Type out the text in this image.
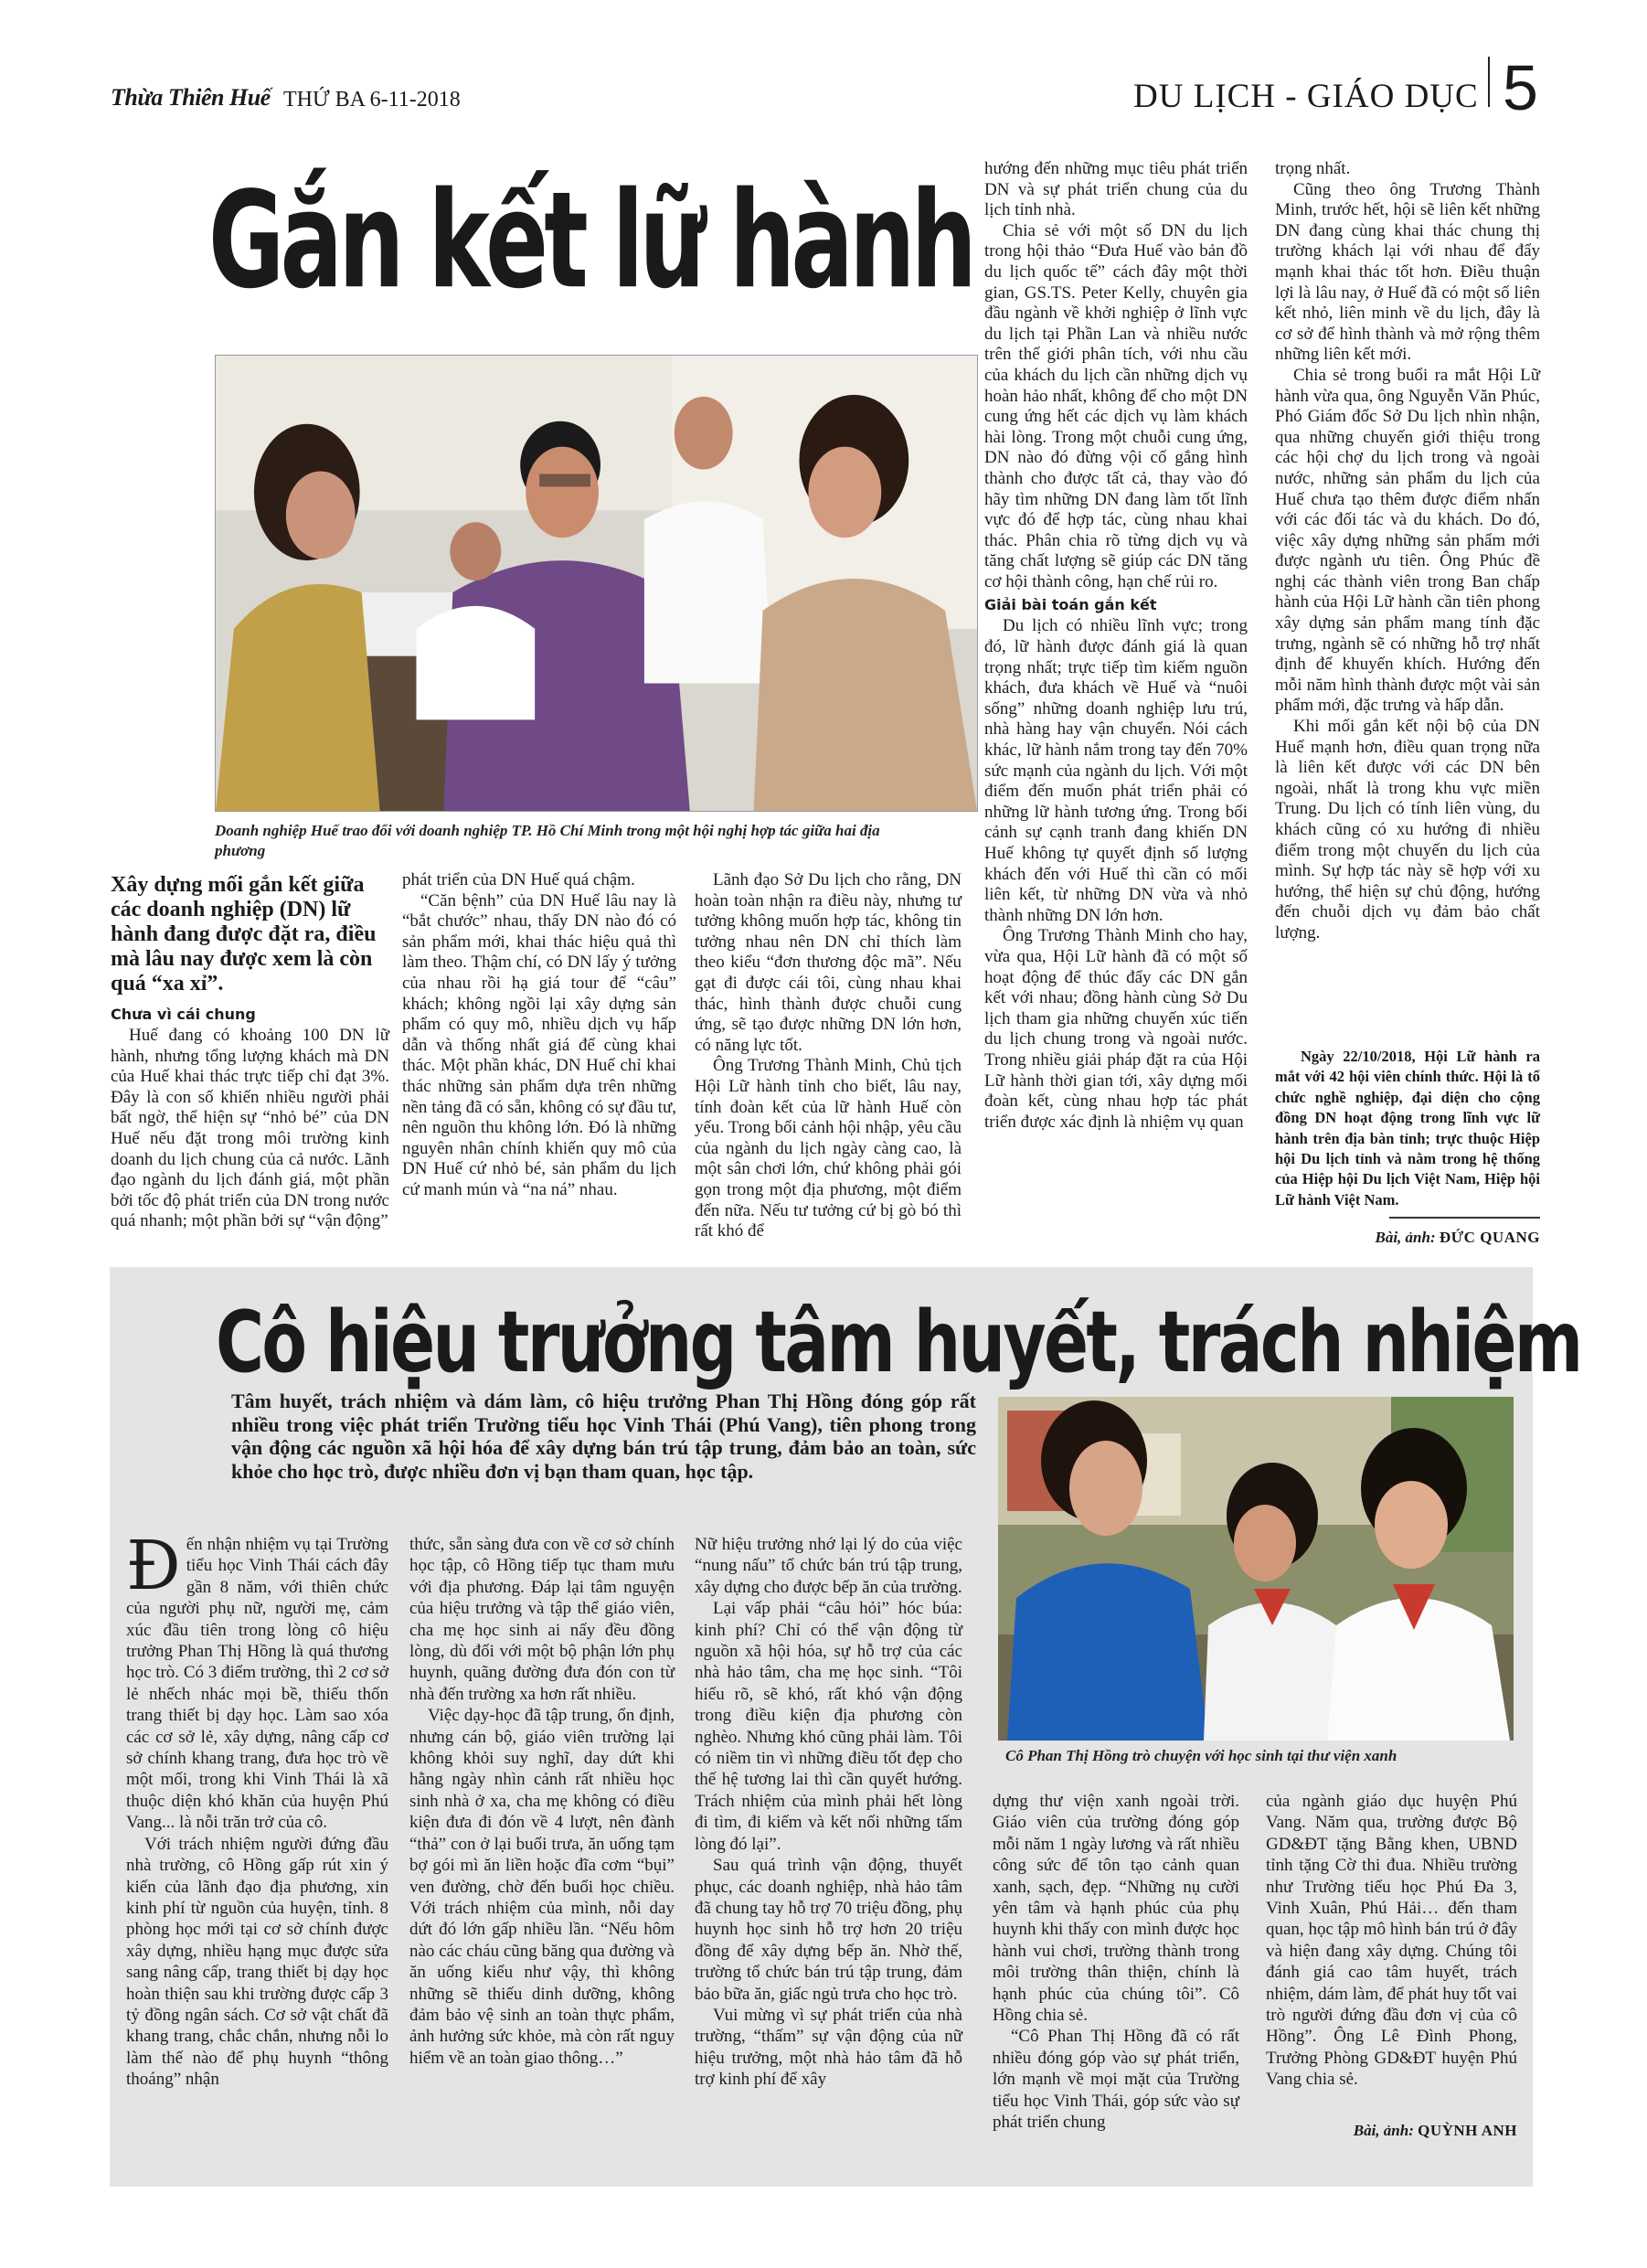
Thừa Thiên Huế THỨ BA 6-11-2018	DU LỊCH - GIÁO DỤC 5
Gắn kết lữ hành
Doanh nghiệp Huế trao đổi với doanh nghiệp TP. Hồ Chí Minh trong một hội nghị hợp tác giữa hai địa phương
Xây dựng mối gắn kết giữa các doanh nghiệp (DN) lữ hành đang được đặt ra, điều mà lâu nay được xem là còn quá “xa xỉ”.
Chưa vì cái chung

Huế đang có khoảng 100 DN lữ hành, nhưng tổng lượng khách mà DN của Huế khai thác trực tiếp chỉ đạt 3%. Đây là con số khiến nhiều người phải bất ngờ, thể hiện sự “nhỏ bé” của DN Huế nếu đặt trong môi trường kinh doanh du lịch chung của cả nước. Lãnh đạo ngành du lịch đánh giá, một phần bởi tốc độ phát triển của DN trong nước quá nhanh; một phần bởi sự “vận động”

phát triển của DN Huế quá chậm.

“Căn bệnh” của DN Huế lâu nay là “bắt chước” nhau, thấy DN nào đó có sản phẩm mới, khai thác hiệu quả thì làm theo. Thậm chí, có DN lấy ý tưởng của nhau rồi hạ giá tour để “câu” khách; không ngồi lại xây dựng sản phẩm có quy mô, nhiều dịch vụ hấp dẫn và thống nhất giá để cùng khai thác. Một phần khác, DN Huế chỉ khai thác những sản phẩm dựa trên những nền tảng đã có sẵn, không có sự đầu tư, nên nguồn thu không lớn. Đó là những nguyên nhân chính khiến quy mô của DN Huế cứ nhỏ bé, sản phẩm du lịch cứ manh mún và “na ná” nhau.

Lãnh đạo Sở Du lịch cho rằng, DN hoàn toàn nhận ra điều này, nhưng tư tưởng không muốn hợp tác, không tin tưởng nhau nên DN chỉ thích làm theo kiểu “đơn thương độc mã”. Nếu gạt đi được cái tôi, cùng nhau khai thác, hình thành được chuỗi cung ứng, sẽ tạo được những DN lớn hơn, có năng lực tốt.

Ông Trương Thành Minh, Chủ tịch Hội Lữ hành tỉnh cho biết, lâu nay, tính đoàn kết của lữ hành Huế còn yếu. Trong bối cảnh hội nhập, yêu cầu của ngành du lịch ngày càng cao, là một sân chơi lớn, chứ không phải gói gọn trong một địa phương, một điểm đến nữa. Nếu tư tưởng cứ bị gò bó thì rất khó để

hướng đến những mục tiêu phát triển DN và sự phát triển chung của du lịch tỉnh nhà.

Chia sẻ với một số DN du lịch trong hội thảo “Đưa Huế vào bản đồ du lịch quốc tế” cách đây một thời gian, GS.TS. Peter Kelly, chuyên gia đầu ngành về khởi nghiệp ở lĩnh vực du lịch tại Phần Lan và nhiều nước trên thế giới phân tích, với nhu cầu của khách du lịch cần những dịch vụ hoàn hảo nhất, không để cho một DN cung ứng hết các dịch vụ làm khách hài lòng. Trong một chuỗi cung ứng, DN nào đó đừng vội cố gắng hình thành cho được tất cả, thay vào đó hãy tìm những DN đang làm tốt lĩnh vực đó để hợp tác, cùng nhau khai thác. Phân chia rõ từng dịch vụ và tăng chất lượng sẽ giúp các DN tăng cơ hội thành công, hạn chế rủi ro.

Giải bài toán gắn kết

Du lịch có nhiều lĩnh vực; trong đó, lữ hành được đánh giá là quan trọng nhất; trực tiếp tìm kiếm nguồn khách, đưa khách về Huế và “nuôi sống” những doanh nghiệp lưu trú, nhà hàng hay vận chuyển. Nói cách khác, lữ hành nắm trong tay đến 70% sức mạnh của ngành du lịch. Với một điểm đến muốn phát triển phải có những lữ hành tương ứng. Trong bối cảnh sự cạnh tranh đang khiến DN Huế không tự quyết định số lượng khách đến với Huế thì cần có mối liên kết, từ những DN vừa và nhỏ thành những DN lớn hơn.

Ông Trương Thành Minh cho hay, vừa qua, Hội Lữ hành đã có một số hoạt động để thúc đẩy các DN gắn kết với nhau; đồng hành cùng Sở Du lịch tham gia những chuyến xúc tiến du lịch chung trong và ngoài nước. Trong nhiều giải pháp đặt ra của Hội Lữ hành thời gian tới, xây dựng mối đoàn kết, cùng nhau hợp tác phát triển được xác định là nhiệm vụ quan

trọng nhất.

Cũng theo ông Trương Thành Minh, trước hết, hội sẽ liên kết những DN đang cùng khai thác chung thị trường khách lại với nhau để đẩy mạnh khai thác tốt hơn. Điều thuận lợi là lâu nay, ở Huế đã có một số liên kết nhỏ, liên minh về du lịch, đây là cơ sở để hình thành và mở rộng thêm những liên kết mới.

Chia sẻ trong buổi ra mắt Hội Lữ hành vừa qua, ông Nguyễn Văn Phúc, Phó Giám đốc Sở Du lịch nhìn nhận, qua những chuyến giới thiệu trong các hội chợ du lịch trong và ngoài nước, những sản phẩm du lịch của Huế chưa tạo thêm được điểm nhấn với các đối tác và du khách. Do đó, việc xây dựng những sản phẩm mới được ngành ưu tiên. Ông Phúc đề nghị các thành viên trong Ban chấp hành của Hội Lữ hành cần tiên phong xây dựng sản phẩm mang tính đặc trưng, ngành sẽ có những hỗ trợ nhất định để khuyến khích. Hướng đến mỗi năm hình thành được một vài sản phẩm mới, đặc trưng và hấp dẫn.

Khi mối gắn kết nội bộ của DN Huế mạnh hơn, điều quan trọng nữa là liên kết được với các DN bên ngoài, nhất là trong khu vực miền Trung. Du lịch có tính liên vùng, du khách cũng có xu hướng đi nhiều điểm trong một chuyến du lịch của mình. Sự hợp tác này sẽ hợp với xu hướng, thể hiện sự chủ động, hướng đến chuỗi dịch vụ đảm bảo chất lượng.

Ngày 22/10/2018, Hội Lữ hành ra mắt với 42 hội viên chính thức. Hội là tổ chức nghề nghiệp, đại diện cho cộng đồng DN hoạt động trong lĩnh vực lữ hành trên địa bàn tỉnh; trực thuộc Hiệp hội Du lịch tỉnh và nằm trong hệ thống của Hiệp hội Du lịch Việt Nam, Hiệp hội Lữ hành Việt Nam.

Bài, ảnh: ĐỨC QUANG
Cô hiệu trưởng tâm huyết, trách nhiệm
Tâm huyết, trách nhiệm và dám làm, cô hiệu trưởng Phan Thị Hồng đóng góp rất nhiều trong việc phát triển Trường tiểu học Vinh Thái (Phú Vang), tiên phong trong vận động các nguồn xã hội hóa để xây dựng bán trú tập trung, đảm bảo an toàn, sức khỏe cho học trò, được nhiều đơn vị bạn tham quan, học tập.
Cô Phan Thị Hồng trò chuyện với học sinh tại thư viện xanh

Đến nhận nhiệm vụ tại Trường tiểu học Vinh Thái cách đây gần 8 năm, với thiên chức của người phụ nữ, người mẹ, cảm xúc đầu tiên trong lòng cô hiệu trưởng Phan Thị Hồng là quá thương học trò. Có 3 điểm trường, thì 2 cơ sở lẻ nhếch nhác mọi bề, thiếu thốn trang thiết bị dạy học. Làm sao xóa các cơ sở lẻ, xây dựng, nâng cấp cơ sở chính khang trang, đưa học trò về một mối, trong khi Vinh Thái là xã thuộc diện khó khăn của huyện Phú Vang... là nỗi trăn trở của cô.

Với trách nhiệm người đứng đầu nhà trường, cô Hồng gấp rút xin ý kiến của lãnh đạo địa phương, xin kinh phí từ nguồn của huyện, tỉnh. 8 phòng học mới tại cơ sở chính được xây dựng, nhiều hạng mục được sửa sang nâng cấp, trang thiết bị dạy học hoàn thiện sau khi trường được cấp 3 tỷ đồng ngân sách. Cơ sở vật chất đã khang trang, chắc chắn, nhưng nỗi lo làm thế nào để phụ huynh “thông thoáng” nhận

thức, sẵn sàng đưa con về cơ sở chính học tập, cô Hồng tiếp tục tham mưu với địa phương. Đáp lại tâm nguyện của hiệu trưởng và tập thể giáo viên, cha mẹ học sinh ai nấy đều đồng lòng, dù đối với một bộ phận lớn phụ huynh, quãng đường đưa đón con từ nhà đến trường xa hơn rất nhiều.

Việc dạy-học đã tập trung, ổn định, nhưng cán bộ, giáo viên trường lại không khỏi suy nghĩ, day dứt khi hằng ngày nhìn cảnh rất nhiều học sinh nhà ở xa, cha mẹ không có điều kiện đưa đi đón về 4 lượt, nên đành “thả” con ở lại buổi trưa, ăn uống tạm bợ gói mì ăn liền hoặc đĩa cơm “bụi” ven đường, chờ đến buổi học chiều. Với trách nhiệm của mình, nỗi day dứt đó lớn gấp nhiều lần. “Nếu hôm nào các cháu cũng băng qua đường và ăn uống kiểu như vậy, thì không những sẽ thiếu dinh dưỡng, không đảm bảo vệ sinh an toàn thực phẩm, ảnh hưởng sức khỏe, mà còn rất nguy hiểm về an toàn giao thông…”

Nữ hiệu trưởng nhớ lại lý do của việc “nung nấu” tổ chức bán trú tập trung, xây dựng cho được bếp ăn của trường.

Lại vấp phải “câu hỏi” hóc búa: kinh phí? Chỉ có thể vận động từ nguồn xã hội hóa, sự hỗ trợ của các nhà hảo tâm, cha mẹ học sinh. “Tôi hiểu rõ, sẽ khó, rất khó vận động trong điều kiện địa phương còn nghèo. Nhưng khó cũng phải làm. Tôi có niềm tin vì những điều tốt đẹp cho thế hệ tương lai thì cần quyết hướng. Trách nhiệm của mình phải hết lòng đi tìm, đi kiếm và kết nối những tấm lòng đó lại”.

Sau quá trình vận động, thuyết phục, các doanh nghiệp, nhà hảo tâm đã chung tay hỗ trợ 70 triệu đồng, phụ huynh học sinh hỗ trợ hơn 20 triệu đồng để xây dựng bếp ăn. Nhờ thế, trường tổ chức bán trú tập trung, đảm bảo bữa ăn, giấc ngủ trưa cho học trò.

Vui mừng vì sự phát triển của nhà trường, “thấm” sự vận động của nữ hiệu trưởng, một nhà hảo tâm đã hỗ trợ kinh phí để xây

dựng thư viện xanh ngoài trời. Giáo viên của trường đóng góp mỗi năm 1 ngày lương và rất nhiều công sức để tôn tạo cảnh quan xanh, sạch, đẹp. “Những nụ cười yên tâm và hạnh phúc của phụ huynh khi thấy con mình được học hành vui chơi, trường thành trong môi trường thân thiện, chính là hạnh phúc của chúng tôi”. Cô Hồng chia sẻ.

“Cô Phan Thị Hồng đã có rất nhiều đóng góp vào sự phát triển, lớn mạnh về mọi mặt của Trường tiểu học Vinh Thái, góp sức vào sự phát triển chung

của ngành giáo dục huyện Phú Vang. Năm qua, trường được Bộ GD&ĐT tặng Bằng khen, UBND tỉnh tặng Cờ thi đua. Nhiều trường như Trường tiểu học Phú Đa 3, Vinh Xuân, Phú Hải… đến tham quan, học tập mô hình bán trú ở đây và hiện đang xây dựng. Chúng tôi đánh giá cao tâm huyết, trách nhiệm, dám làm, để phát huy tốt vai trò người đứng đầu đơn vị của cô Hồng”. Ông Lê Đình Phong, Trưởng Phòng GD&ĐT huyện Phú Vang chia sẻ.

Bài, ảnh: QUỲNH ANH
